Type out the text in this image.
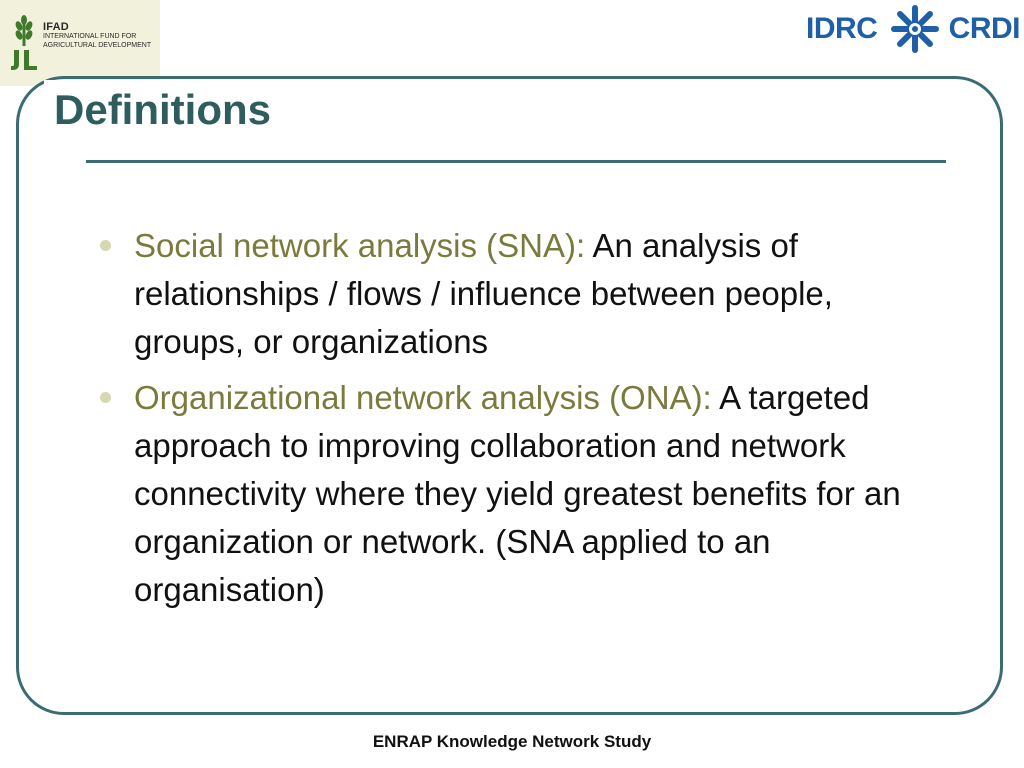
IFAD
INTERNATIONAL FUND FOR AGRICULTURAL DEVELOPMENT	IDRC CRDI
Definitions
Social network analysis (SNA): An analysis of relationships / flows / influence between people, groups, or organizations
Organizational network analysis (ONA): A targeted approach to improving collaboration and network connectivity where they yield greatest benefits for an organization or network. (SNA applied to an organisation)
ENRAP Knowledge Network Study
